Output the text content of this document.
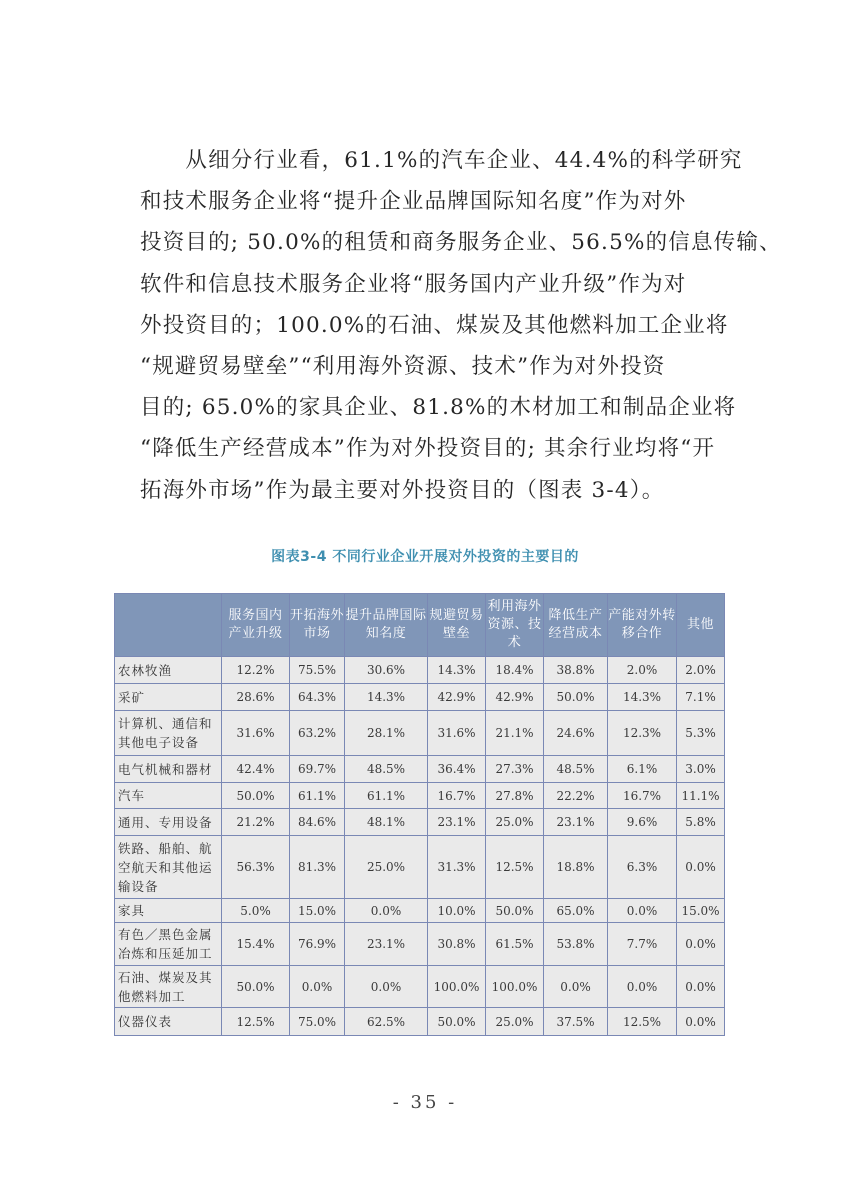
　　从细分行业看，61.1%的汽车企业、44.4%的科学研究
和技术服务企业将“提升企业品牌国际知名度”作为对外
投资目的; 50.0%的租赁和商务服务企业、56.5%的信息传输、
软件和信息技术服务企业将“服务国内产业升级”作为对
外投资目的；100.0%的石油、煤炭及其他燃料加工企业将
“规避贸易壁垒”“利用海外资源、技术”作为对外投资
目的; 65.0%的家具企业、81.8%的木材加工和制品企业将
“降低生产经营成本”作为对外投资目的; 其余行业均将“开
拓海外市场”作为最主要对外投资目的（图表 3-4）。
图表3-4 不同行业企业开展对外投资的主要目的
	服务国内产业升级	开拓海外市场	提升品牌国际知名度	规避贸易壁垒	利用海外资源、技术	降低生产经营成本	产能对外转移合作	其他
农林牧渔	12.2%	75.5%	30.6%	14.3%	18.4%	38.8%	2.0%	2.0%
采矿	28.6%	64.3%	14.3%	42.9%	42.9%	50.0%	14.3%	7.1%
计算机、通信和其他电子设备	31.6%	63.2%	28.1%	31.6%	21.1%	24.6%	12.3%	5.3%
电气机械和器材	42.4%	69.7%	48.5%	36.4%	27.3%	48.5%	6.1%	3.0%
汽车	50.0%	61.1%	61.1%	16.7%	27.8%	22.2%	16.7%	11.1%
通用、专用设备	21.2%	84.6%	48.1%	23.1%	25.0%	23.1%	9.6%	5.8%
铁路、船舶、航空航天和其他运输设备	56.3%	81.3%	25.0%	31.3%	12.5%	18.8%	6.3%	0.0%
家具	5.0%	15.0%	0.0%	10.0%	50.0%	65.0%	0.0%	15.0%
有色／黑色金属冶炼和压延加工	15.4%	76.9%	23.1%	30.8%	61.5%	53.8%	7.7%	0.0%
石油、煤炭及其他燃料加工	50.0%	0.0%	0.0%	100.0%	100.0%	0.0%	0.0%	0.0%
仪器仪表	12.5%	75.0%	62.5%	50.0%	25.0%	37.5%	12.5%	0.0%
- 35 -
